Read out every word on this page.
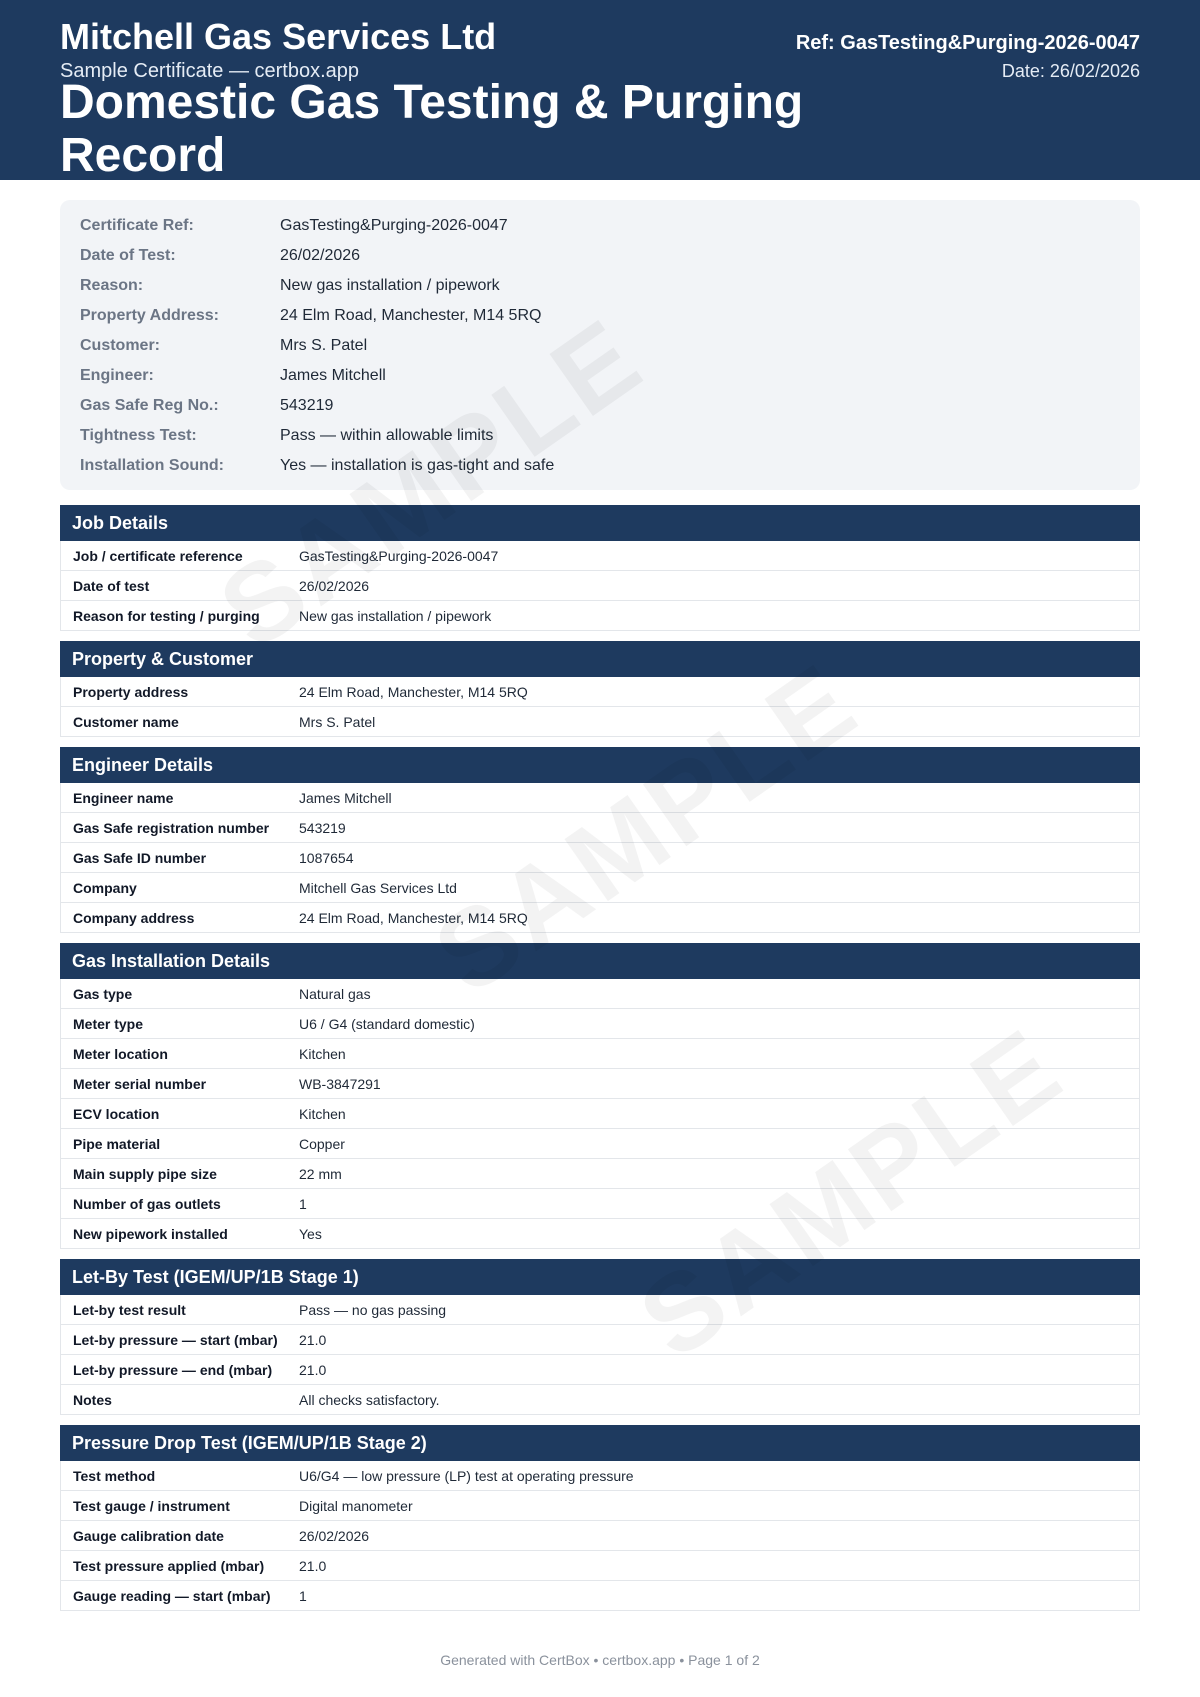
Mitchell Gas Services Ltd
Sample Certificate — certbox.app
Domestic Gas Testing & Purging Record
Ref: GasTesting&Purging-2026-0047
Date: 26/02/2026
Certificate Ref:	GasTesting&Purging-2026-0047
Date of Test:	26/02/2026
Reason:	New gas installation / pipework
Property Address:	24 Elm Road, Manchester, M14 5RQ
Customer:	Mrs S. Patel
Engineer:	James Mitchell
Gas Safe Reg No.:	543219
Tightness Test:	Pass — within allowable limits
Installation Sound:	Yes — installation is gas-tight and safe
Job Details
Job / certificate reference	GasTesting&Purging-2026-0047
Date of test	26/02/2026
Reason for testing / purging	New gas installation / pipework
Property & Customer
Property address	24 Elm Road, Manchester, M14 5RQ
Customer name	Mrs S. Patel
Engineer Details
Engineer name	James Mitchell
Gas Safe registration number	543219
Gas Safe ID number	1087654
Company	Mitchell Gas Services Ltd
Company address	24 Elm Road, Manchester, M14 5RQ
Gas Installation Details
Gas type	Natural gas
Meter type	U6 / G4 (standard domestic)
Meter location	Kitchen
Meter serial number	WB-3847291
ECV location	Kitchen
Pipe material	Copper
Main supply pipe size	22 mm
Number of gas outlets	1
New pipework installed	Yes
Let-By Test (IGEM/UP/1B Stage 1)
Let-by test result	Pass — no gas passing
Let-by pressure — start (mbar)	21.0
Let-by pressure — end (mbar)	21.0
Notes	All checks satisfactory.
Pressure Drop Test (IGEM/UP/1B Stage 2)
Test method	U6/G4 — low pressure (LP) test at operating pressure
Test gauge / instrument	Digital manometer
Gauge calibration date	26/02/2026
Test pressure applied (mbar)	21.0
Gauge reading — start (mbar)	1
Generated with CertBox • certbox.app • Page 1 of 2
